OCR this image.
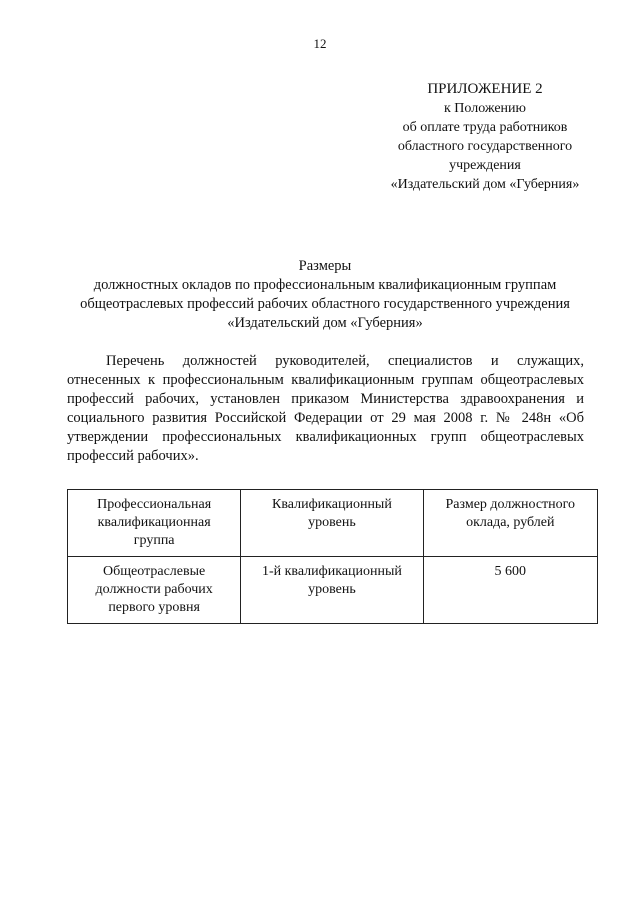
12
ПРИЛОЖЕНИЕ 2
к Положению
об оплате труда работников
областного государственного
учреждения
«Издательский дом «Губерния»
Размеры
должностных окладов по профессиональным квалификационным группам
общеотраслевых профессий рабочих областного государственного учреждения
«Издательский дом «Губерния»

Перечень должностей руководителей, специалистов и служащих, отнесенных к профессиональным квалификационным группам общеотраслевых профессий рабочих, установлен приказом Министерства здравоохранения и социального развития Российской Федерации от 29 мая 2008 г. № 248н «Об утверждении профессиональных квалификационных групп общеотраслевых профессий рабочих».

Профессиональная квалификационная группа	Квалификационный уровень	Размер должностного оклада, рублей
Общеотраслевые должности рабочих первого уровня	1-й квалификационный уровень	5 600
